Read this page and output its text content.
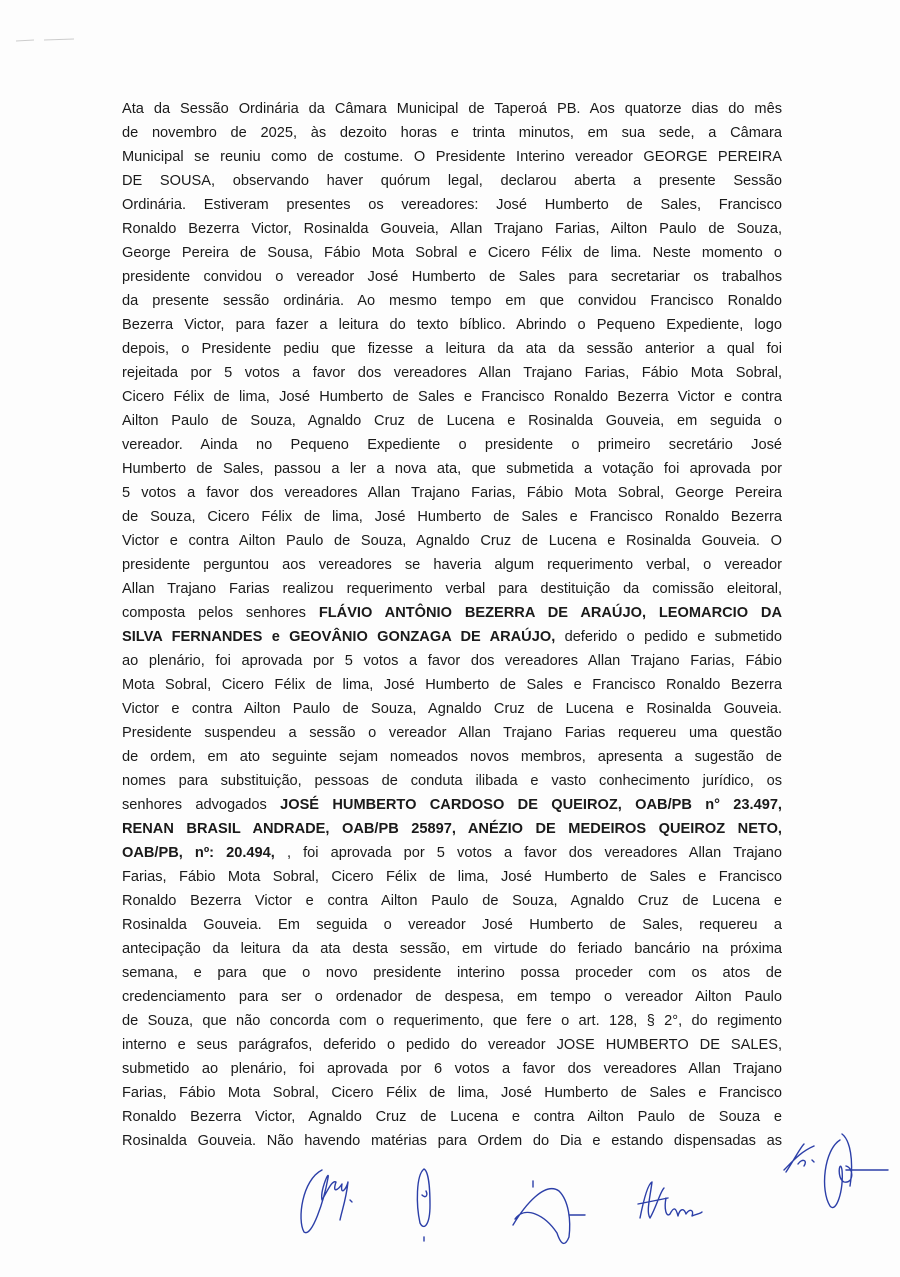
Ata da Sessão Ordinária da Câmara Municipal de Taperoá PB. Aos quatorze dias do mês
de novembro de 2025, às dezoito horas e trinta minutos, em sua sede, a Câmara
Municipal se reuniu como de costume. O Presidente Interino vereador GEORGE PEREIRA
DE SOUSA, observando haver quórum legal, declarou aberta a presente Sessão
Ordinária. Estiveram presentes os vereadores: José Humberto de Sales, Francisco
Ronaldo Bezerra Victor, Rosinalda Gouveia, Allan Trajano Farias, Ailton Paulo de Souza,
George Pereira de Sousa, Fábio Mota Sobral e Cicero Félix de lima. Neste momento o
presidente convidou o vereador José Humberto de Sales para secretariar os trabalhos
da presente sessão ordinária. Ao mesmo tempo em que convidou Francisco Ronaldo
Bezerra Victor, para fazer a leitura do texto bíblico. Abrindo o Pequeno Expediente, logo
depois, o Presidente pediu que fizesse a leitura da ata da sessão anterior a qual foi
rejeitada por 5 votos a favor dos vereadores Allan Trajano Farias, Fábio Mota Sobral,
Cicero Félix de lima, José Humberto de Sales e Francisco Ronaldo Bezerra Victor e contra
Ailton Paulo de Souza, Agnaldo Cruz de Lucena e Rosinalda Gouveia, em seguida o
vereador. Ainda no Pequeno Expediente o presidente o primeiro secretário José
Humberto de Sales, passou a ler a nova ata, que submetida a votação foi aprovada por
5 votos a favor dos vereadores Allan Trajano Farias, Fábio Mota Sobral, George Pereira
de Souza, Cicero Félix de lima, José Humberto de Sales e Francisco Ronaldo Bezerra
Victor e contra Ailton Paulo de Souza, Agnaldo Cruz de Lucena e Rosinalda Gouveia. O
presidente perguntou aos vereadores se haveria algum requerimento verbal, o vereador
Allan Trajano Farias realizou requerimento verbal para destituição da comissão eleitoral,
composta pelos senhores FLÁVIO ANTÔNIO BEZERRA DE ARAÚJO, LEOMARCIO DA
SILVA FERNANDES e GEOVÂNIO GONZAGA DE ARAÚJO, deferido o pedido e submetido
ao plenário, foi aprovada por 5 votos a favor dos vereadores Allan Trajano Farias, Fábio
Mota Sobral, Cicero Félix de lima, José Humberto de Sales e Francisco Ronaldo Bezerra
Victor e contra Ailton Paulo de Souza, Agnaldo Cruz de Lucena e Rosinalda Gouveia.
Presidente suspendeu a sessão o vereador Allan Trajano Farias requereu uma questão
de ordem, em ato seguinte sejam nomeados novos membros, apresenta a sugestão de
nomes para substituição, pessoas de conduta ilibada e vasto conhecimento jurídico, os
senhores advogados JOSÉ HUMBERTO CARDOSO DE QUEIROZ, OAB/PB n° 23.497,
RENAN BRASIL ANDRADE, OAB/PB 25897, ANÉZIO DE MEDEIROS QUEIROZ NETO,
OAB/PB, nº: 20.494, , foi aprovada por 5 votos a favor dos vereadores Allan Trajano
Farias, Fábio Mota Sobral, Cicero Félix de lima, José Humberto de Sales e Francisco
Ronaldo Bezerra Victor e contra Ailton Paulo de Souza, Agnaldo Cruz de Lucena e
Rosinalda Gouveia. Em seguida o vereador José Humberto de Sales, requereu a
antecipação da leitura da ata desta sessão, em virtude do feriado bancário na próxima
semana, e para que o novo presidente interino possa proceder com os atos de
credenciamento para ser o ordenador de despesa, em tempo o vereador Ailton Paulo
de Souza, que não concorda com o requerimento, que fere o art. 128, § 2°, do regimento
interno e seus parágrafos, deferido o pedido do vereador JOSE HUMBERTO DE SALES,
submetido ao plenário, foi aprovada por 6 votos a favor dos vereadores Allan Trajano
Farias, Fábio Mota Sobral, Cicero Félix de lima, José Humberto de Sales e Francisco
Ronaldo Bezerra Victor, Agnaldo Cruz de Lucena e contra Ailton Paulo de Souza e
Rosinalda Gouveia. Não havendo matérias para Ordem do Dia e estando dispensadas as
